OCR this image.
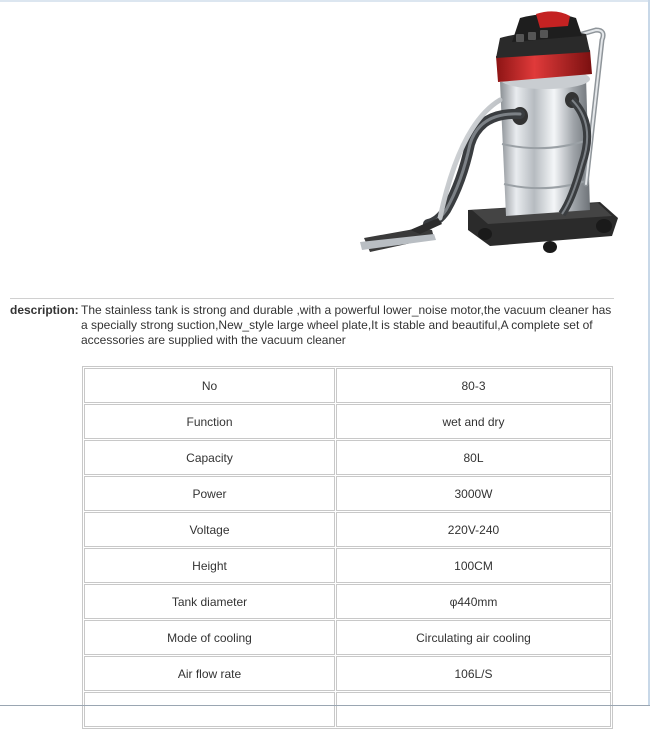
description: The stainless tank is strong and durable ,with a powerful lower_noise motor,the vacuum cleaner has a specially strong suction,New_style large wheel plate,It is stable and beautiful,A complete set of accessories are supplied with the vacuum cleaner
No	80-3
Function	wet and dry
Capacity	80L
Power	3000W
Voltage	220V-240
Height	100CM
Tank diameter	φ440mm
Mode of cooling	Circulating air cooling
Air flow rate	106L/S
